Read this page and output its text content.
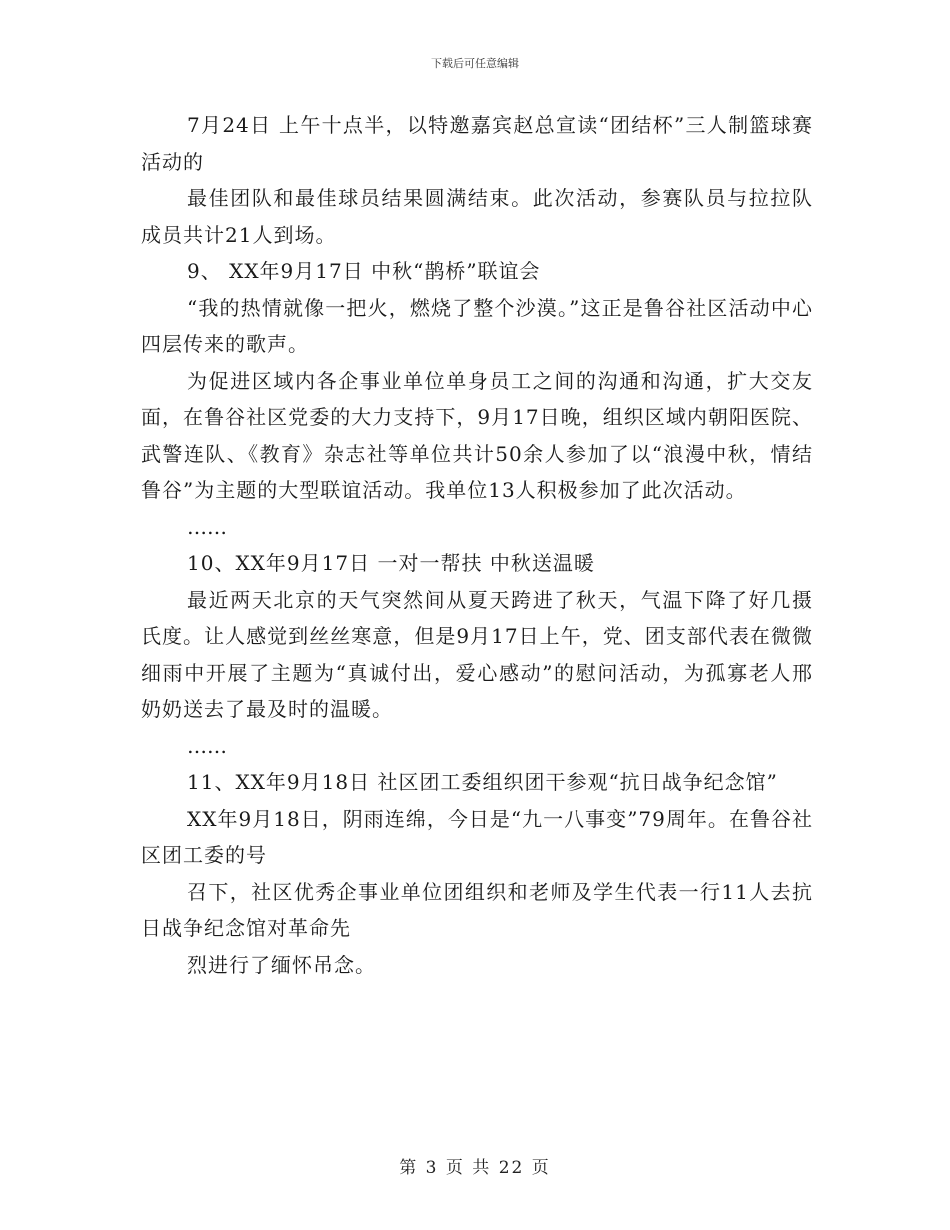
下载后可任意编辑

7月24日 上午十点半，以特邀嘉宾赵总宣读“团结杯”三人制篮球赛活动的

最佳团队和最佳球员结果圆满结束。此次活动，参赛队员与拉拉队成员共计21人到场。

9、 XX年9月17日 中秋“鹊桥”联谊会

“我的热情就像一把火，燃烧了整个沙漠。”这正是鲁谷社区活动中心四层传来的歌声。

为促进区域内各企事业单位单身员工之间的沟通和沟通，扩大交友面，在鲁谷社区党委的大力支持下，9月17日晚，组织区域内朝阳医院、武警连队、《教育》杂志社等单位共计50余人参加了以“浪漫中秋，情结鲁谷”为主题的大型联谊活动。我单位13人积极参加了此次活动。

……

10、XX年9月17日 一对一帮扶 中秋送温暖

最近两天北京的天气突然间从夏天跨进了秋天，气温下降了好几摄氏度。让人感觉到丝丝寒意，但是9月17日上午，党、团支部代表在微微细雨中开展了主题为“真诚付出，爱心感动”的慰问活动，为孤寡老人邢奶奶送去了最及时的温暖。

……

11、XX年9月18日 社区团工委组织团干参观“抗日战争纪念馆”

XX年9月18日，阴雨连绵，今日是“九一八事变”79周年。在鲁谷社区团工委的号

召下，社区优秀企事业单位团组织和老师及学生代表一行11人去抗日战争纪念馆对革命先

烈进行了缅怀吊念。

第 3 页 共 22 页
